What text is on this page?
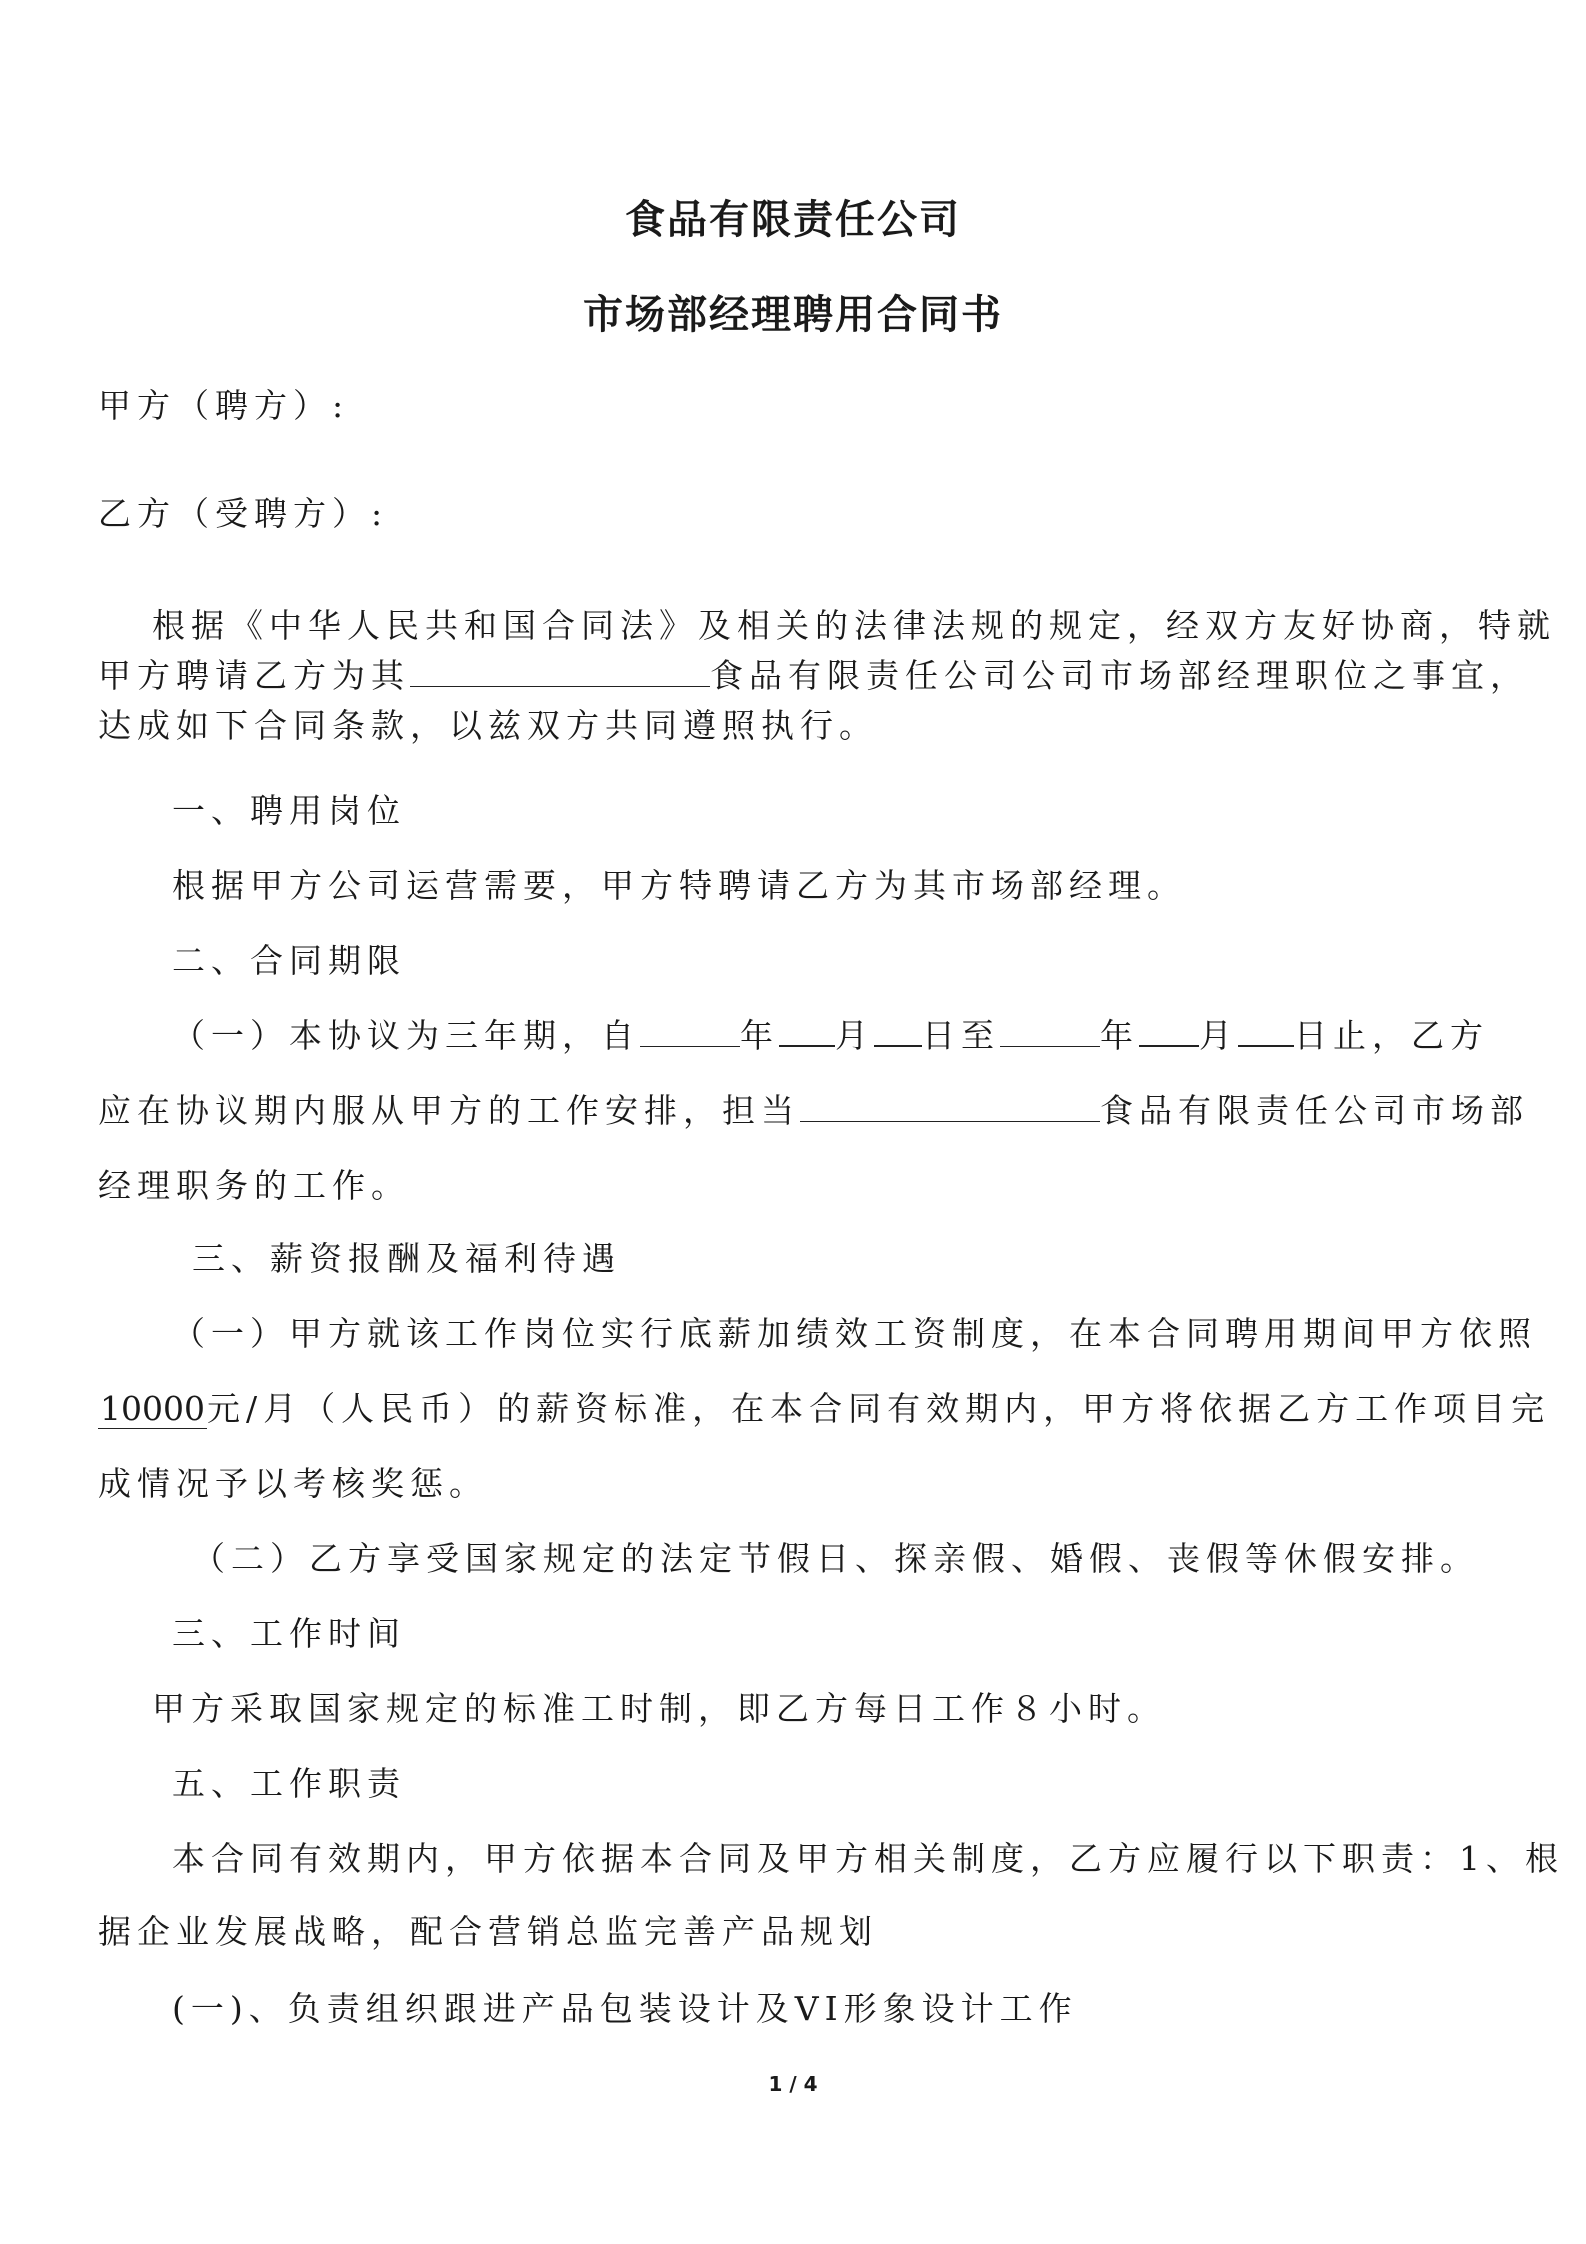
食品有限责任公司
市场部经理聘用合同书
甲方（聘方）:
乙方（受聘方）:
根据《中华人民共和国合同法》及相关的法律法规的规定，经双方友好协商，特就
甲方聘请乙方为其	食品有限责任公司公司市场部经理职位之事宜，
达成如下合同条款，以兹双方共同遵照执行。
一、聘用岗位
根据甲方公司运营需要，甲方特聘请乙方为其市场部经理。
二、合同期限
（一）本协议为三年期，自	年 月 日至	年 月 日止，乙方
应在协议期内服从甲方的工作安排，担当	食品有限责任公司市场部
经理职务的工作。
三、薪资报酬及福利待遇
（一）甲方就该工作岗位实行底薪加绩效工资制度，在本合同聘用期间甲方依照
10000元/月（人民币）的薪资标准，在本合同有效期内，甲方将依据乙方工作项目完
成情况予以考核奖惩。
（二）乙方享受国家规定的法定节假日、探亲假、婚假、丧假等休假安排。
三、工作时间
甲方采取国家规定的标准工时制，即乙方每日工作８小时。
五、工作职责
本合同有效期内，甲方依据本合同及甲方相关制度，乙方应履行以下职责：1、根
据企业发展战略，配合营销总监完善产品规划
(一)、负责组织跟进产品包装设计及VI形象设计工作
1 / 4
